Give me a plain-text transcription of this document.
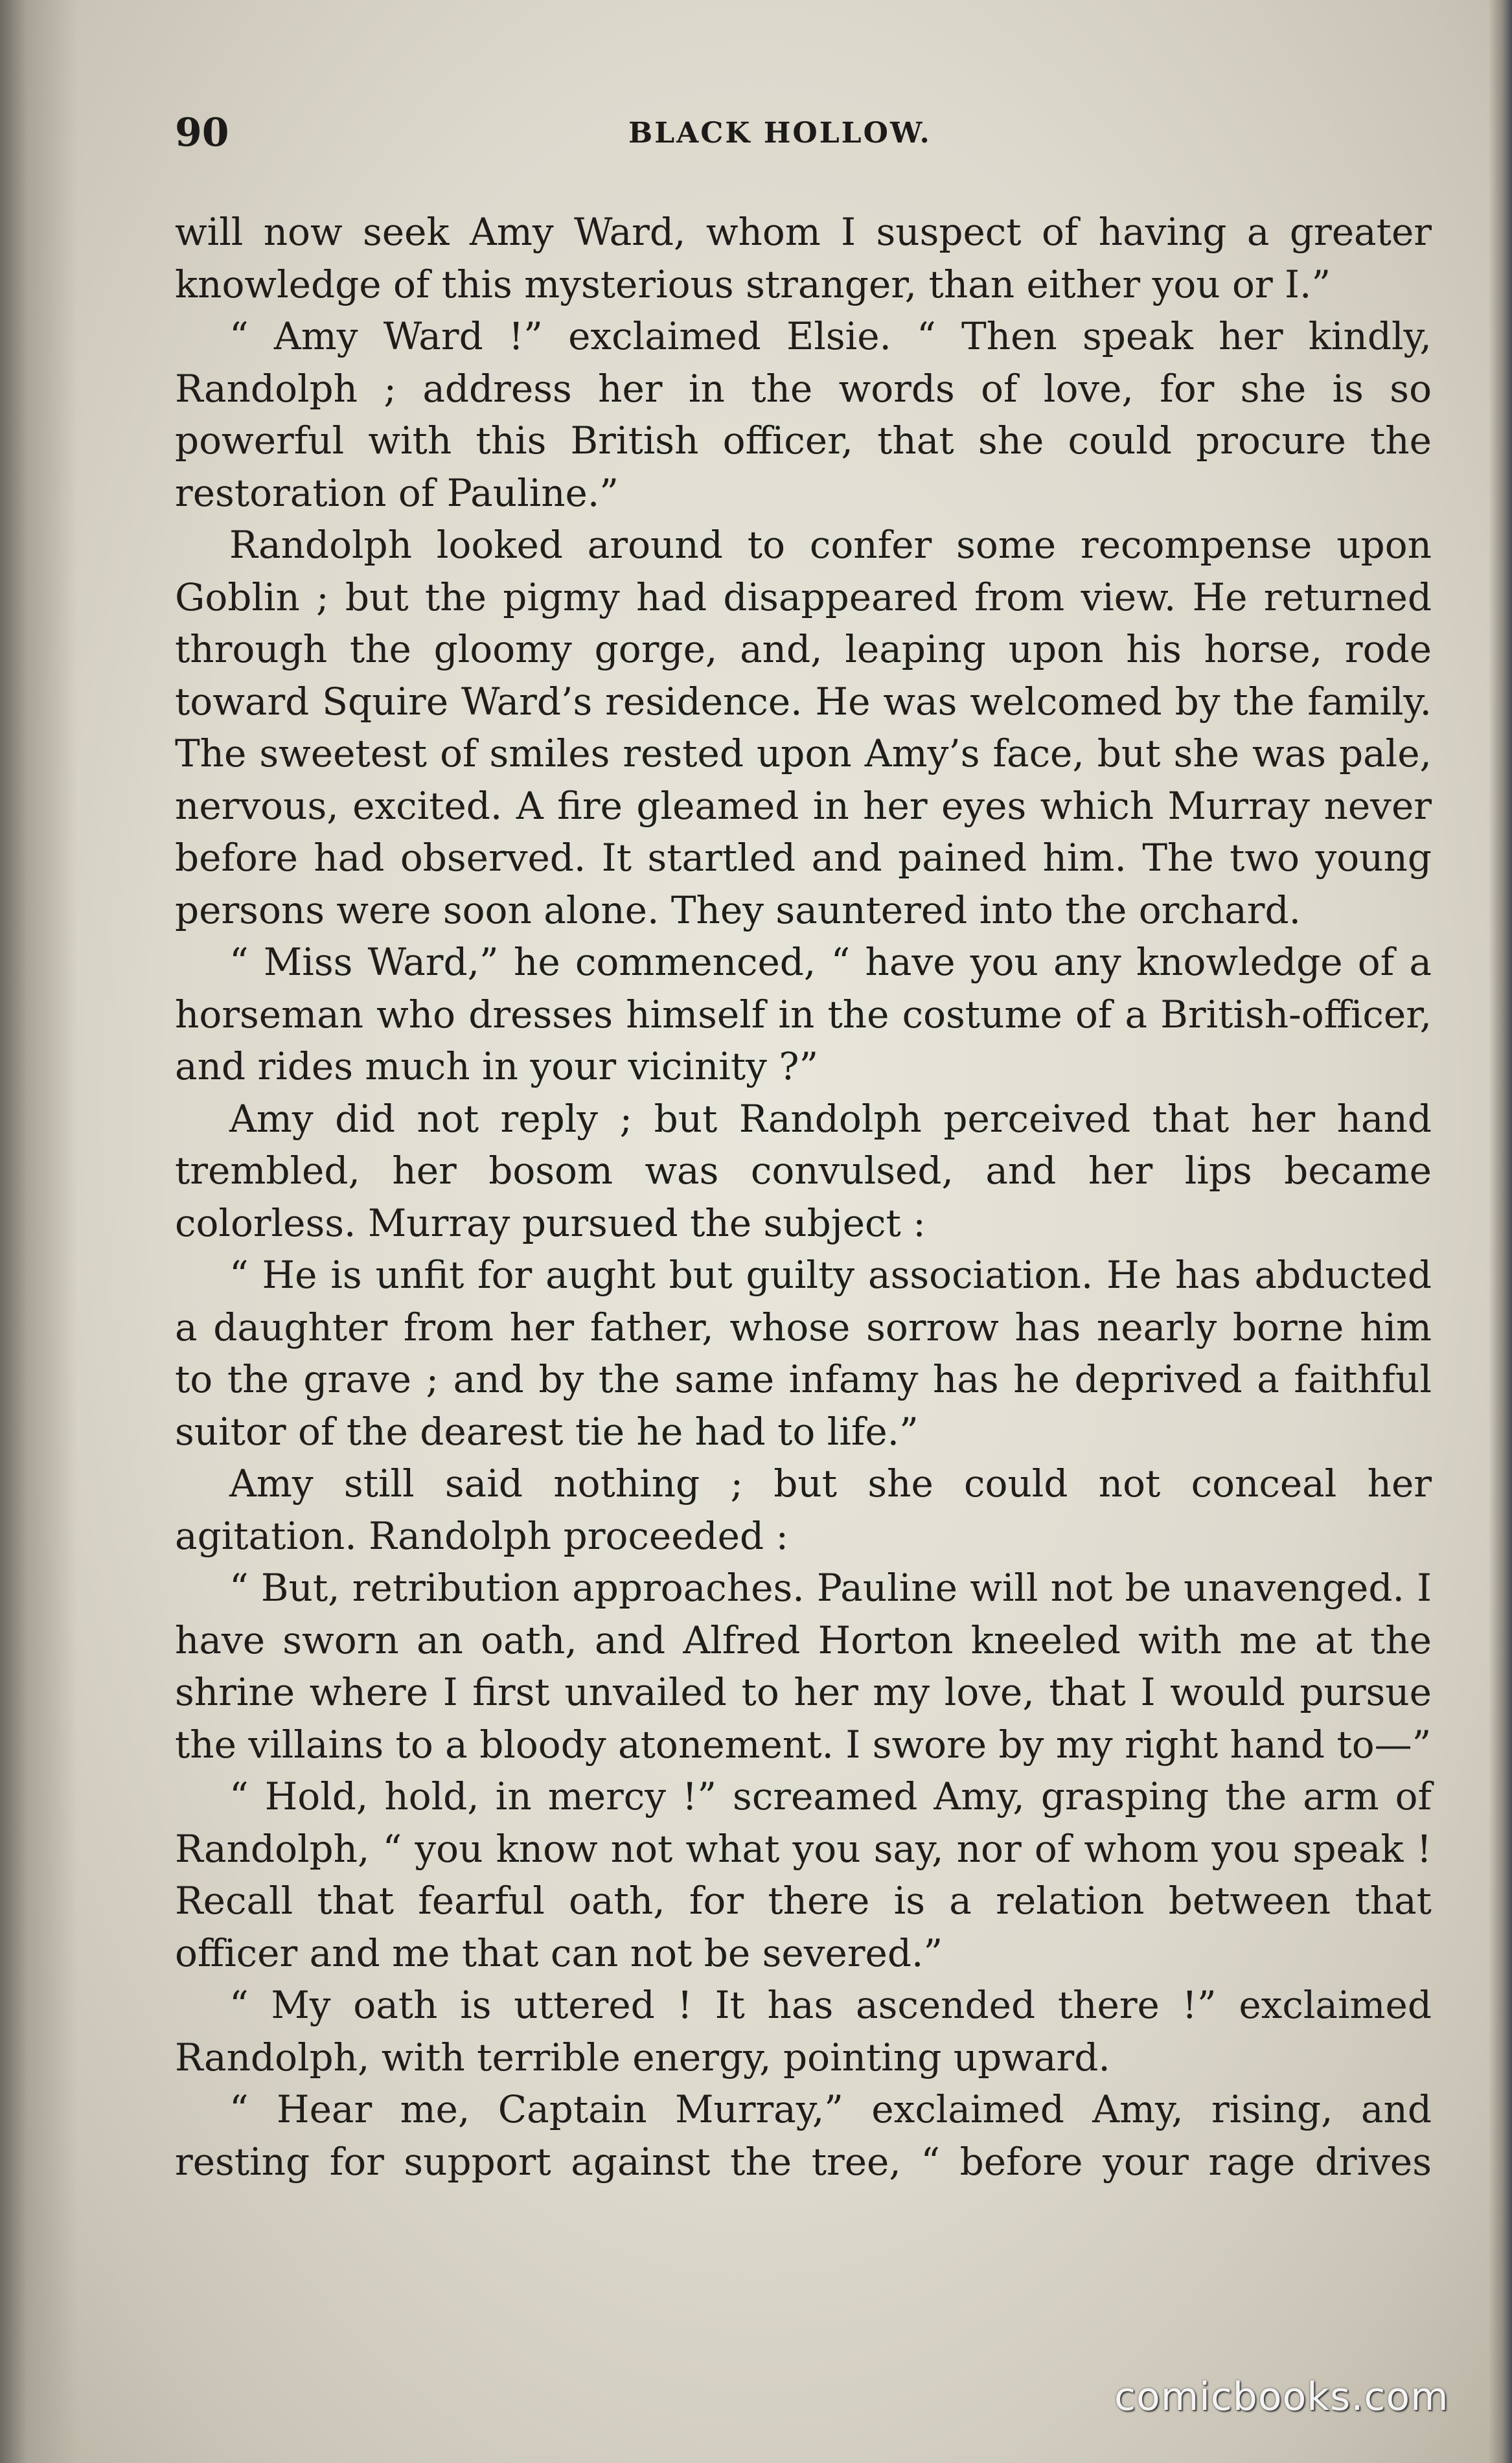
90	BLACK HOLLOW.

will now seek Amy Ward, whom I suspect of having a greater knowledge of this mysterious stranger, than either you or I.”

“ Amy Ward !” exclaimed Elsie. “ Then speak her kindly, Randolph ; address her in the words of love, for she is so powerful with this British officer, that she could procure the restoration of Pauline.”

Randolph looked around to confer some recompense upon Goblin ; but the pigmy had disappeared from view. He returned through the gloomy gorge, and, leaping upon his horse, rode toward Squire Ward’s residence. He was welcomed by the family. The sweetest of smiles rested upon Amy’s face, but she was pale, nervous, excited. A fire gleamed in her eyes which Murray never before had observed. It startled and pained him. The two young persons were soon alone. They sauntered into the orchard.

“ Miss Ward,” he commenced, “ have you any knowledge of a horseman who dresses himself in the costume of a British-officer, and rides much in your vicinity ?”

Amy did not reply ; but Randolph perceived that her hand trembled, her bosom was convulsed, and her lips became colorless. Murray pursued the subject :

“ He is unfit for aught but guilty association. He has abducted a daughter from her father, whose sorrow has nearly borne him to the grave ; and by the same infamy has he deprived a faithful suitor of the dearest tie he had to life.”

Amy still said nothing ; but she could not conceal her agitation. Randolph proceeded :

“ But, retribution approaches. Pauline will not be unavenged. I have sworn an oath, and Alfred Horton kneeled with me at the shrine where I first unvailed to her my love, that I would pursue the villains to a bloody atonement. I swore by my right hand to—”

“ Hold, hold, in mercy !” screamed Amy, grasping the arm of Randolph, “ you know not what you say, nor of whom you speak ! Recall that fearful oath, for there is a relation between that officer and me that can not be severed.”

“ My oath is uttered ! It has ascended there !” exclaimed Randolph, with terrible energy, pointing upward.

“ Hear me, Captain Murray,” exclaimed Amy, rising, and resting for support against the tree, “ before your rage drives

comicbooks.com
